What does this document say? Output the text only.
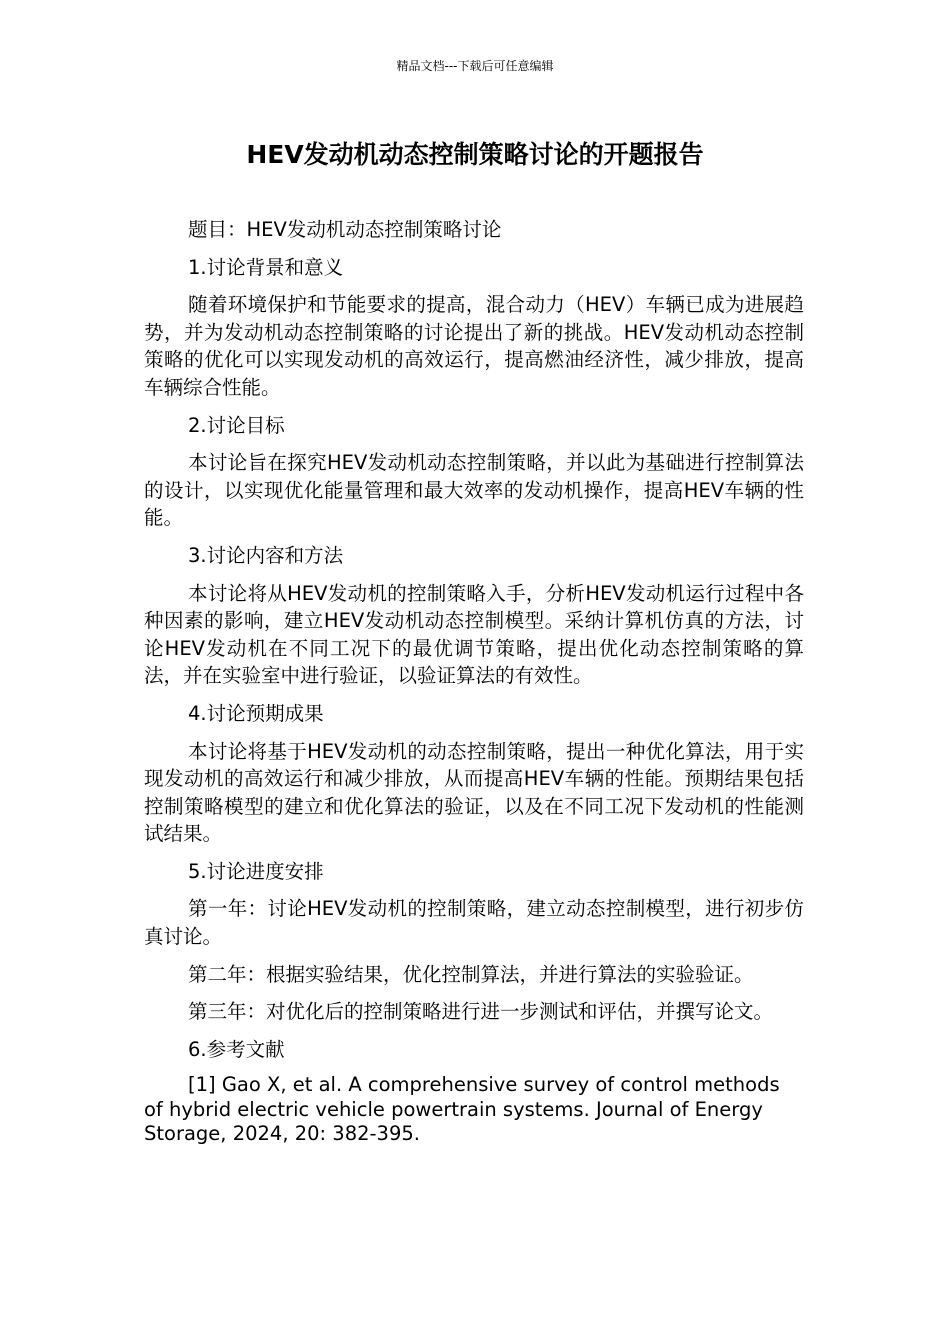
精品文档---下载后可任意编辑
HEV发动机动态控制策略讨论的开题报告

题目：HEV发动机动态控制策略讨论

1.讨论背景和意义

随着环境保护和节能要求的提高，混合动力（HEV）车辆已成为进展趋势，并为发动机动态控制策略的讨论提出了新的挑战。HEV发动机动态控制策略的优化可以实现发动机的高效运行，提高燃油经济性，减少排放，提高车辆综合性能。

2.讨论目标

本讨论旨在探究HEV发动机动态控制策略，并以此为基础进行控制算法的设计，以实现优化能量管理和最大效率的发动机操作，提高HEV车辆的性能。

3.讨论内容和方法

本讨论将从HEV发动机的控制策略入手，分析HEV发动机运行过程中各种因素的影响，建立HEV发动机动态控制模型。采纳计算机仿真的方法，讨论HEV发动机在不同工况下的最优调节策略，提出优化动态控制策略的算法，并在实验室中进行验证，以验证算法的有效性。

4.讨论预期成果

本讨论将基于HEV发动机的动态控制策略，提出一种优化算法，用于实现发动机的高效运行和减少排放，从而提高HEV车辆的性能。预期结果包括控制策略模型的建立和优化算法的验证，以及在不同工况下发动机的性能测试结果。

5.讨论进度安排

第一年：讨论HEV发动机的控制策略，建立动态控制模型，进行初步仿真讨论。

第二年：根据实验结果，优化控制算法，并进行算法的实验验证。

第三年：对优化后的控制策略进行进一步测试和评估，并撰写论文。

6.参考文献

[1] Gao X, et al. A comprehensive survey of control methods of hybrid electric vehicle powertrain systems. Journal of Energy Storage, 2024, 20: 382-395.
